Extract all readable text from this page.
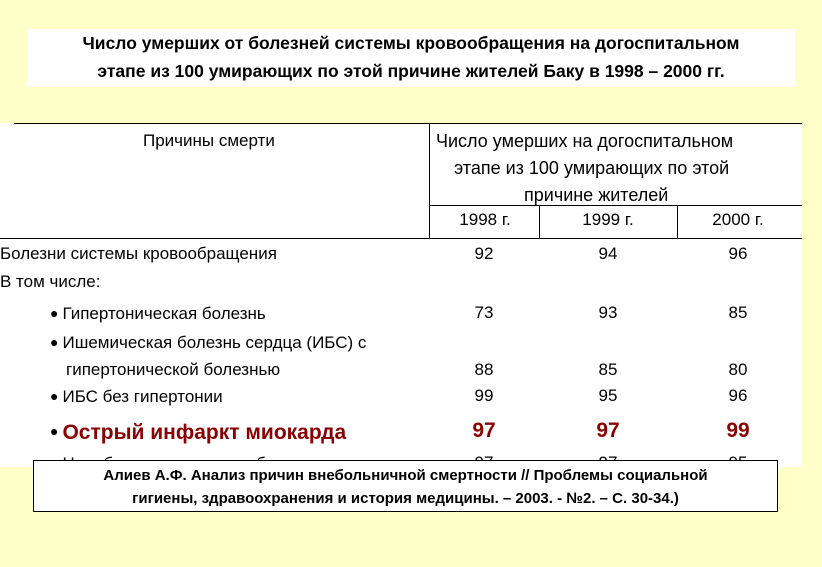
Число умерших от болезней системы кровообращения на догоспитальном
этапе из 100 умирающих по этой причине жителей Баку в 1998 – 2000 гг.
Причины смерти	Число умерших на догоспитальном
этапе из 100 умирающих по этой
причине жителей
1998 г.	1999 г.	2000 г.
Болезни системы кровообращения	92	94	96
В том числе:
● Гипертоническая болезнь	73	93	85
● Ишемическая болезнь сердца (ИБС) с
гипертонической болезнью	88	85	80
● ИБС без гипертонии	99	95	96
● Острый инфаркт миокарда	97	97	99
Алиев А.Ф. Анализ причин внебольничной смертности // Проблемы социальной
гигиены, здравоохранения и история медицины. – 2003. - №2. – С. 30-34.)
